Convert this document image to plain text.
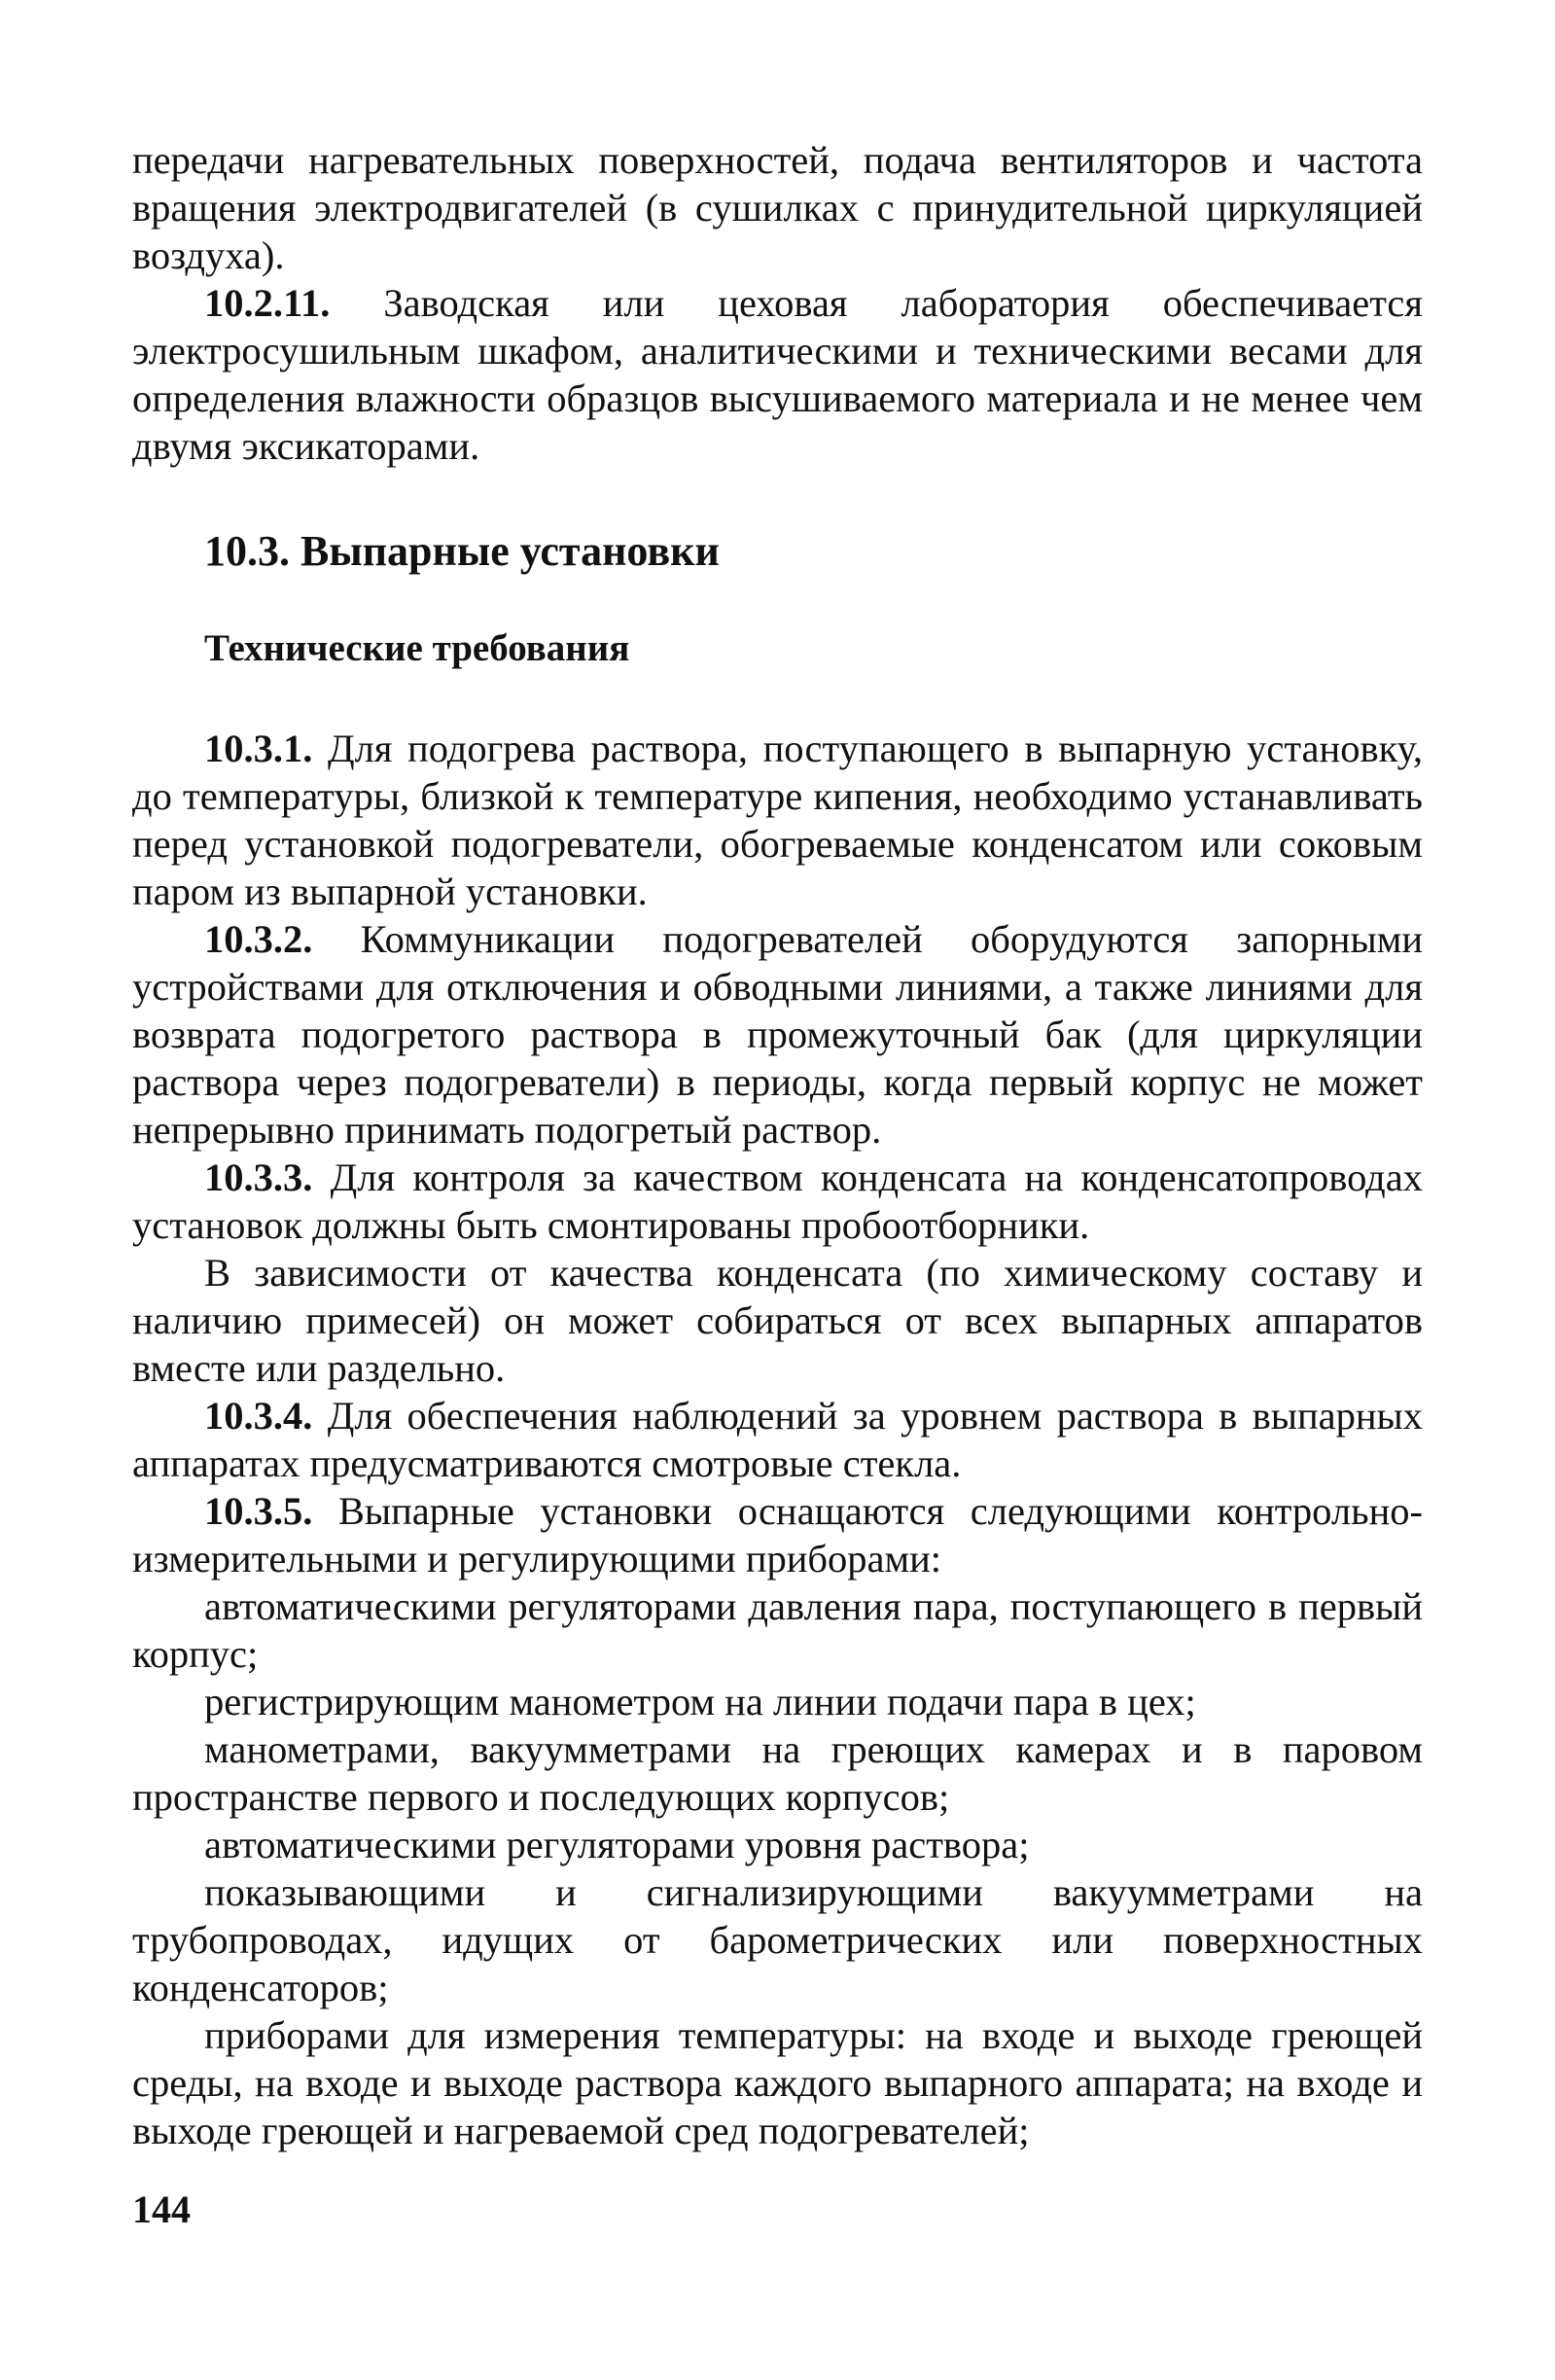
передачи нагревательных поверхностей, подача вентиляторов и частота вращения электродвигателей (в сушилках с принудительной циркуляцией воздуха).

10.2.11. Заводская или цеховая лаборатория обеспечивается электросушильным шкафом, аналитическими и техническими весами для определения влажности образцов высушиваемого материала и не менее чем двумя эксикаторами.

10.3. Выпарные установки
Технические требования

10.3.1. Для подогрева раствора, поступающего в выпарную установку, до температуры, близкой к температуре кипения, необходимо устанавливать перед установкой подогреватели, обогреваемые конденсатом или соковым паром из выпарной установки.

10.3.2. Коммуникации подогревателей оборудуются запорными устройствами для отключения и обводными линиями, а также линиями для возврата подогретого раствора в промежуточный бак (для циркуляции раствора через подогреватели) в периоды, когда первый корпус не может непрерывно принимать подогретый раствор.

10.3.3. Для контроля за качеством конденсата на конденсатопроводах установок должны быть смонтированы пробоотборники.

В зависимости от качества конденсата (по химическому составу и наличию примесей) он может собираться от всех выпарных аппаратов вместе или раздельно.

10.3.4. Для обеспечения наблюдений за уровнем раствора в выпарных аппаратах предусматриваются смотровые стекла.

10.3.5. Выпарные установки оснащаются следующими контрольно-измерительными и регулирующими приборами:

автоматическими регуляторами давления пара, поступающего в первый корпус;

регистрирующим манометром на линии подачи пара в цех;

манометрами, вакуумметрами на греющих камерах и в паровом пространстве первого и последующих корпусов;

автоматическими регуляторами уровня раствора;

показывающими и сигнализирующими вакуумметрами на трубопроводах, идущих от барометрических или поверхностных конденсаторов;

приборами для измерения температуры: на входе и выходе греющей среды, на входе и выходе раствора каждого выпарного аппарата; на входе и выходе греющей и нагреваемой сред подогревателей;

144
